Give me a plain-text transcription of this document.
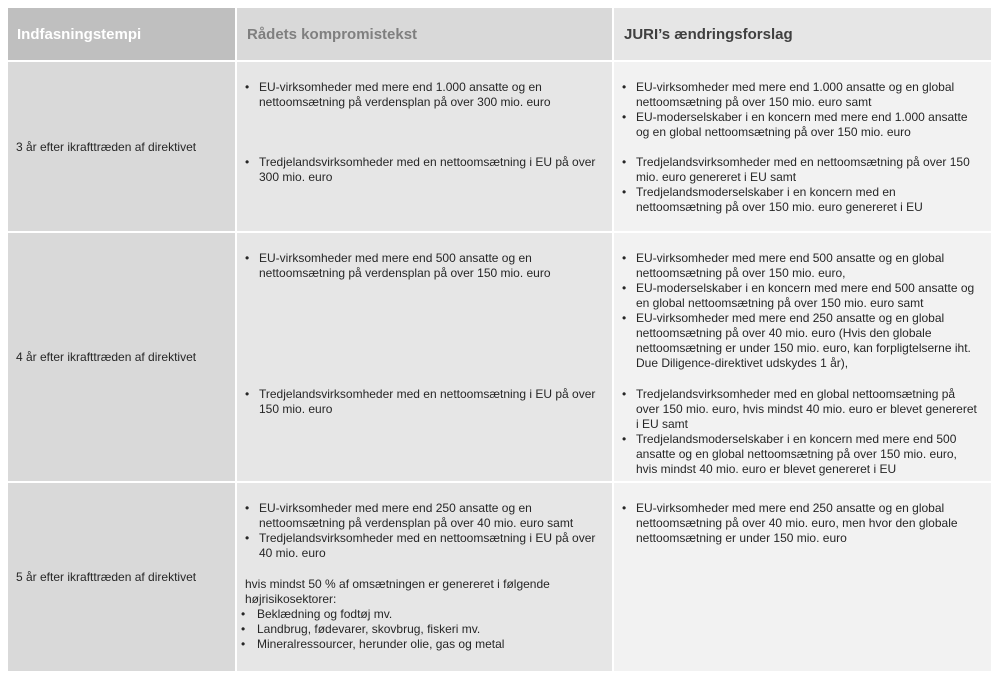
Indfasningstempi	Rådets kompromistekst	JURI’s ændringsforslag
3 år efter ikrafttræden af direktivet
• EU-virksomheder med mere end 1.000 ansatte og en nettoomsætning på verdensplan på over 300 mio. euro
• Tredjelandsvirksomheder med en nettoomsætning i EU på over 300 mio. euro
• EU-virksomheder med mere end 1.000 ansatte og en global nettoomsætning på over 150 mio. euro samt
• EU-moderselskaber i en koncern med mere end 1.000 ansatte og en global nettoomsætning på over 150 mio. euro
• Tredjelandsvirksomheder med en nettoomsætning på over 150 mio. euro genereret i EU samt
• Tredjelandsmoderselskaber i en koncern med en nettoomsætning på over 150 mio. euro genereret i EU
4 år efter ikrafttræden af direktivet
• EU-virksomheder med mere end 500 ansatte og en nettoomsætning på verdensplan på over 150 mio. euro
• Tredjelandsvirksomheder med en nettoomsætning i EU på over 150 mio. euro
• EU-virksomheder med mere end 500 ansatte og en global nettoomsætning på over 150 mio. euro,
• EU-moderselskaber i en koncern med mere end 500 ansatte og en global nettoomsætning på over 150 mio. euro samt
• EU-virksomheder med mere end 250 ansatte og en global nettoomsætning på over 40 mio. euro (Hvis den globale nettoomsætning er under 150 mio. euro, kan forpligtelserne iht. Due Diligence-direktivet udskydes 1 år),
• Tredjelandsvirksomheder med en global nettoomsætning på over 150 mio. euro, hvis mindst 40 mio. euro er blevet genereret i EU samt
• Tredjelandsmoderselskaber i en koncern med mere end 500 ansatte og en global nettoomsætning på over 150 mio. euro, hvis mindst 40 mio. euro er blevet genereret i EU
5 år efter ikrafttræden af direktivet
• EU-virksomheder med mere end 250 ansatte og en nettoomsætning på verdensplan på over 40 mio. euro samt
• Tredjelandsvirksomheder med en nettoomsætning i EU på over 40 mio. euro
hvis mindst 50 % af omsætningen er genereret i følgende højrisikosektorer:
• Beklædning og fodtøj mv.
• Landbrug, fødevarer, skovbrug, fiskeri mv.
• Mineralressourcer, herunder olie, gas og metal
• EU-virksomheder med mere end 250 ansatte og en global nettoomsætning på over 40 mio. euro, men hvor den globale nettoomsætning er under 150 mio. euro
